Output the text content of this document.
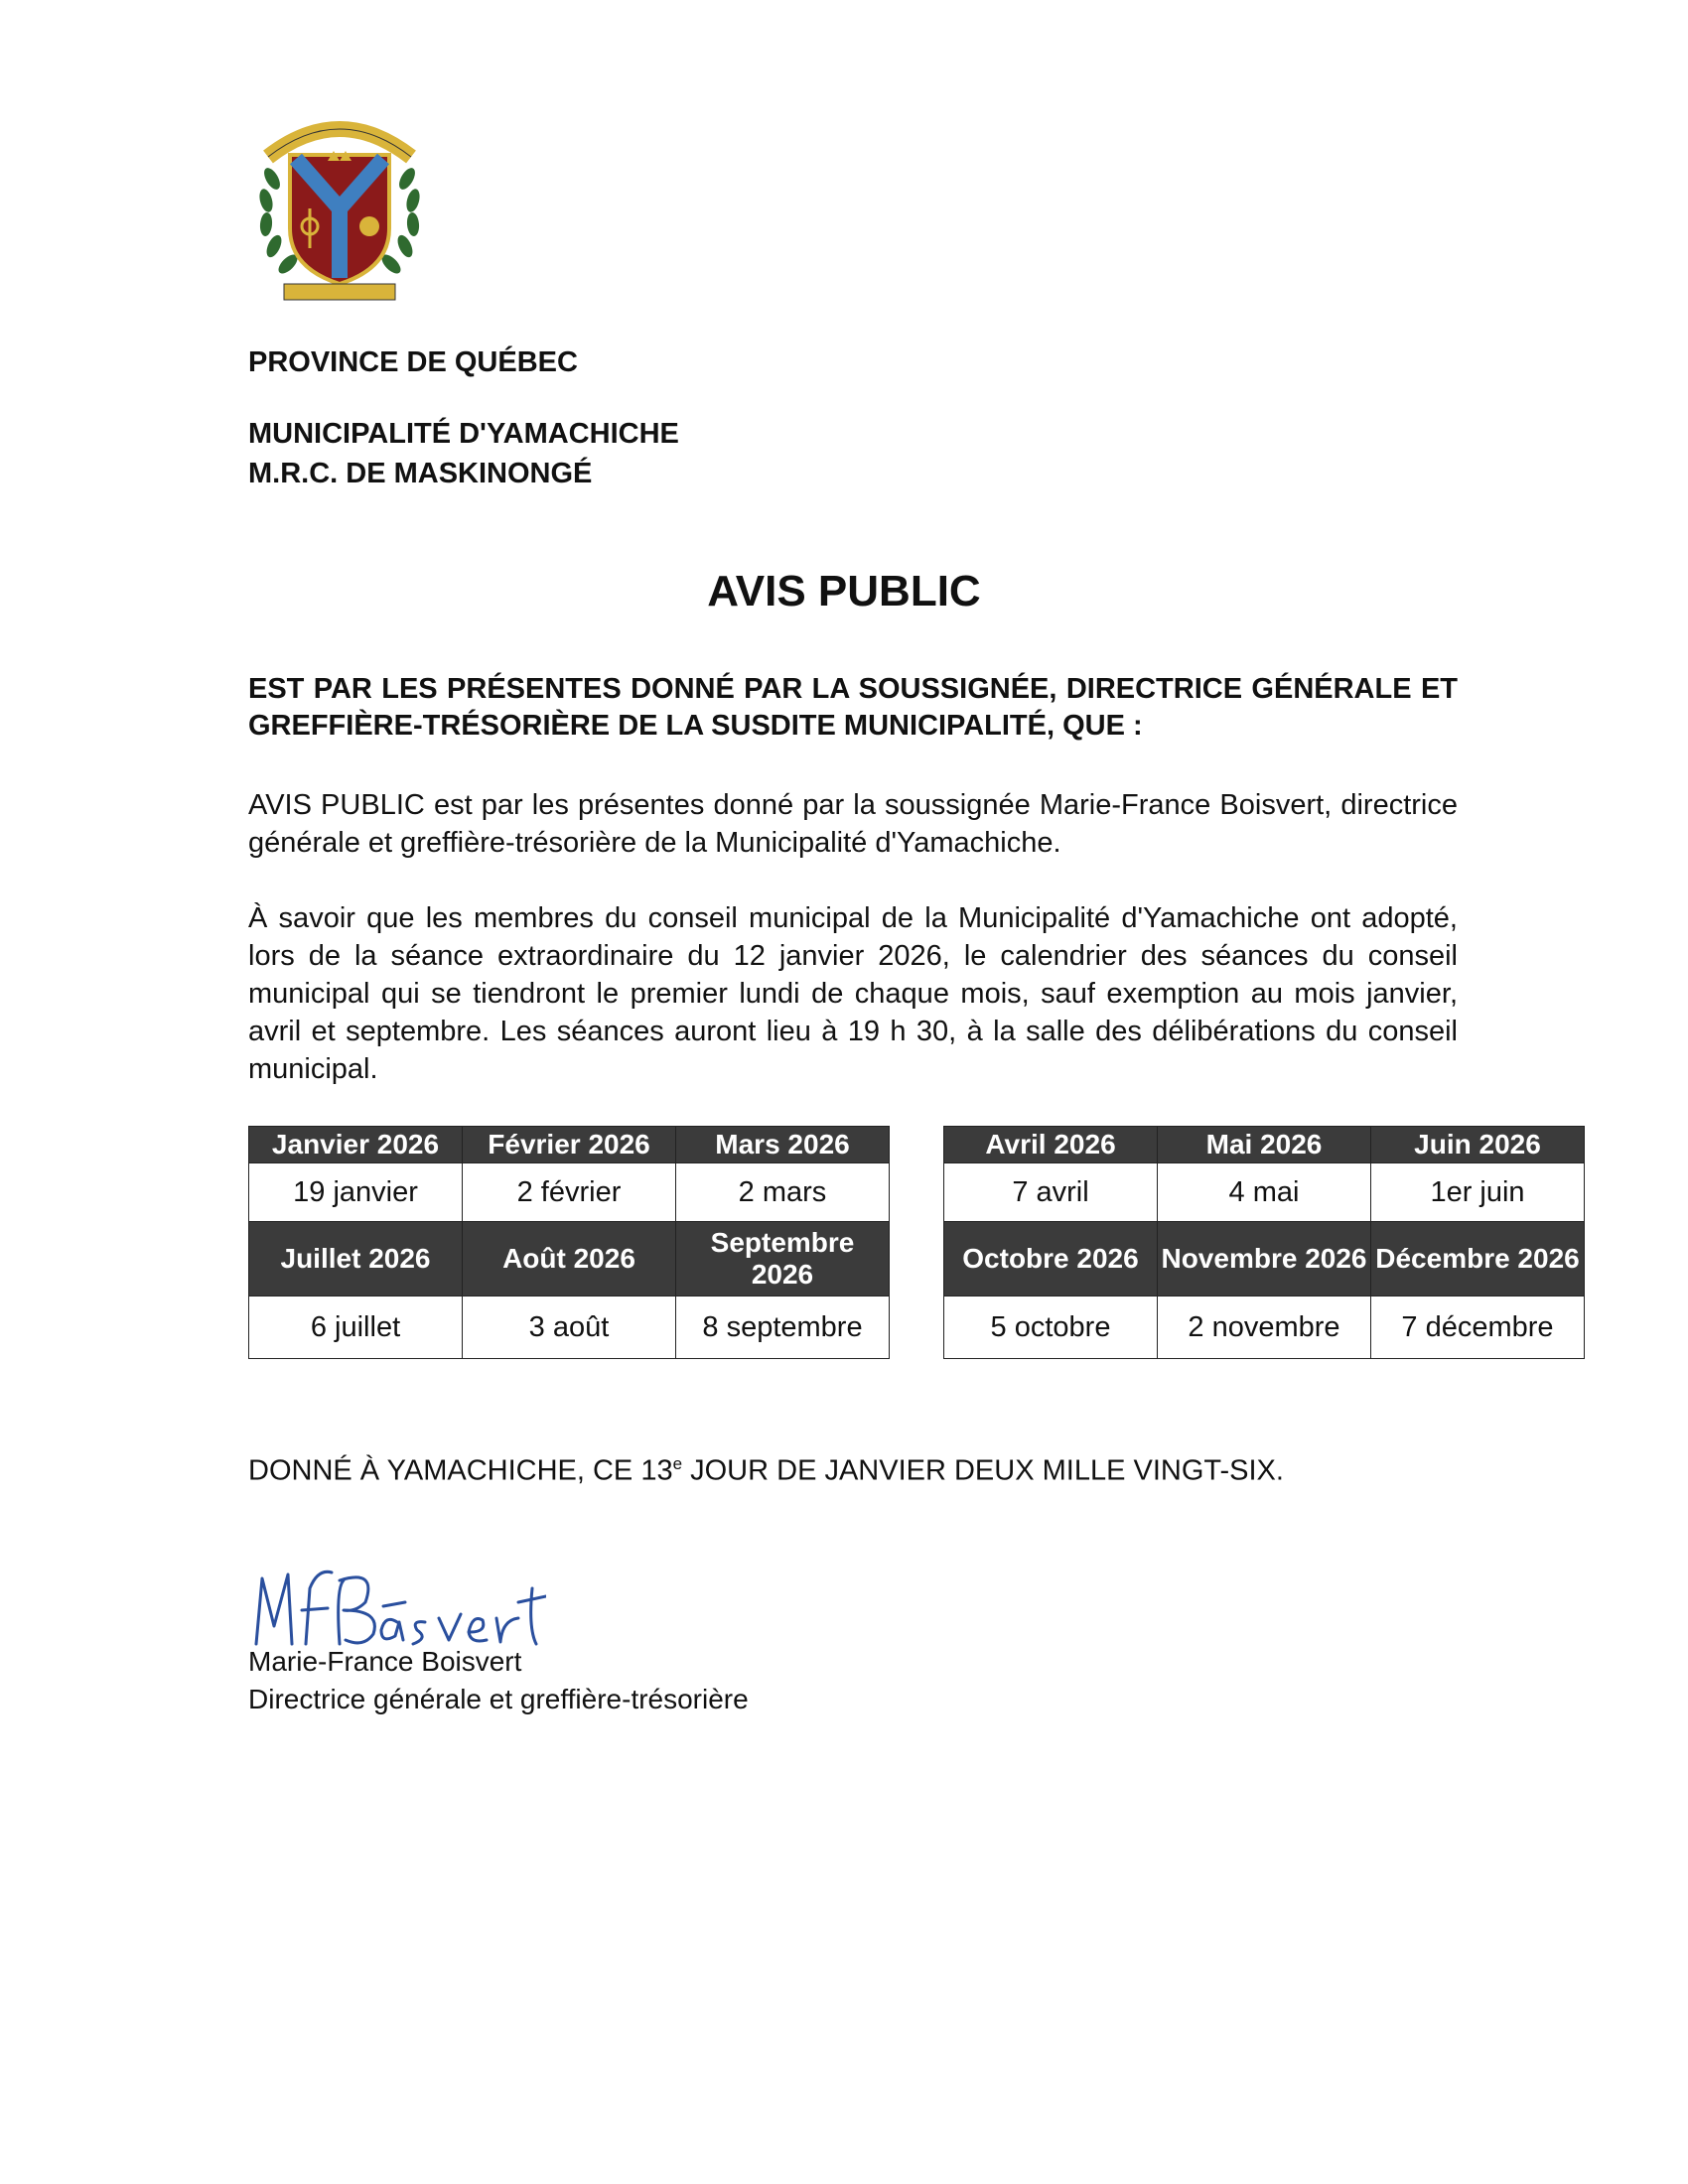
PROVINCE DE QUÉBEC
MUNICIPALITÉ D'YAMACHICHE
M.R.C. DE MASKINONGÉ
AVIS PUBLIC
EST PAR LES PRÉSENTES DONNÉ PAR LA SOUSSIGNÉE, DIRECTRICE GÉNÉRALE ET GREFFIÈRE-TRÉSORIÈRE DE LA SUSDITE MUNICIPALITÉ, QUE :
AVIS PUBLIC est par les présentes donné par la soussignée Marie-France Boisvert, directrice générale et greffière-trésorière de la Municipalité d'Yamachiche.
À savoir que les membres du conseil municipal de la Municipalité d'Yamachiche ont adopté, lors de la séance extraordinaire du 12 janvier 2026, le calendrier des séances du conseil municipal qui se tiendront le premier lundi de chaque mois, sauf exemption au mois janvier, avril et septembre. Les séances auront lieu à 19 h 30, à la salle des délibérations du conseil municipal.
Janvier 2026	Février 2026	Mars 2026
19 janvier	2 février	2 mars
Juillet 2026	Août 2026	Septembre 2026
6 juillet	3 août	8 septembre
Avril 2026	Mai 2026	Juin 2026
7 avril	4 mai	1er juin
Octobre 2026	Novembre 2026	Décembre 2026
5 octobre	2 novembre	7 décembre
DONNÉ À YAMACHICHE, CE 13e JOUR DE JANVIER DEUX MILLE VINGT-SIX.
Marie-France Boisvert
Directrice générale et greffière-trésorière
